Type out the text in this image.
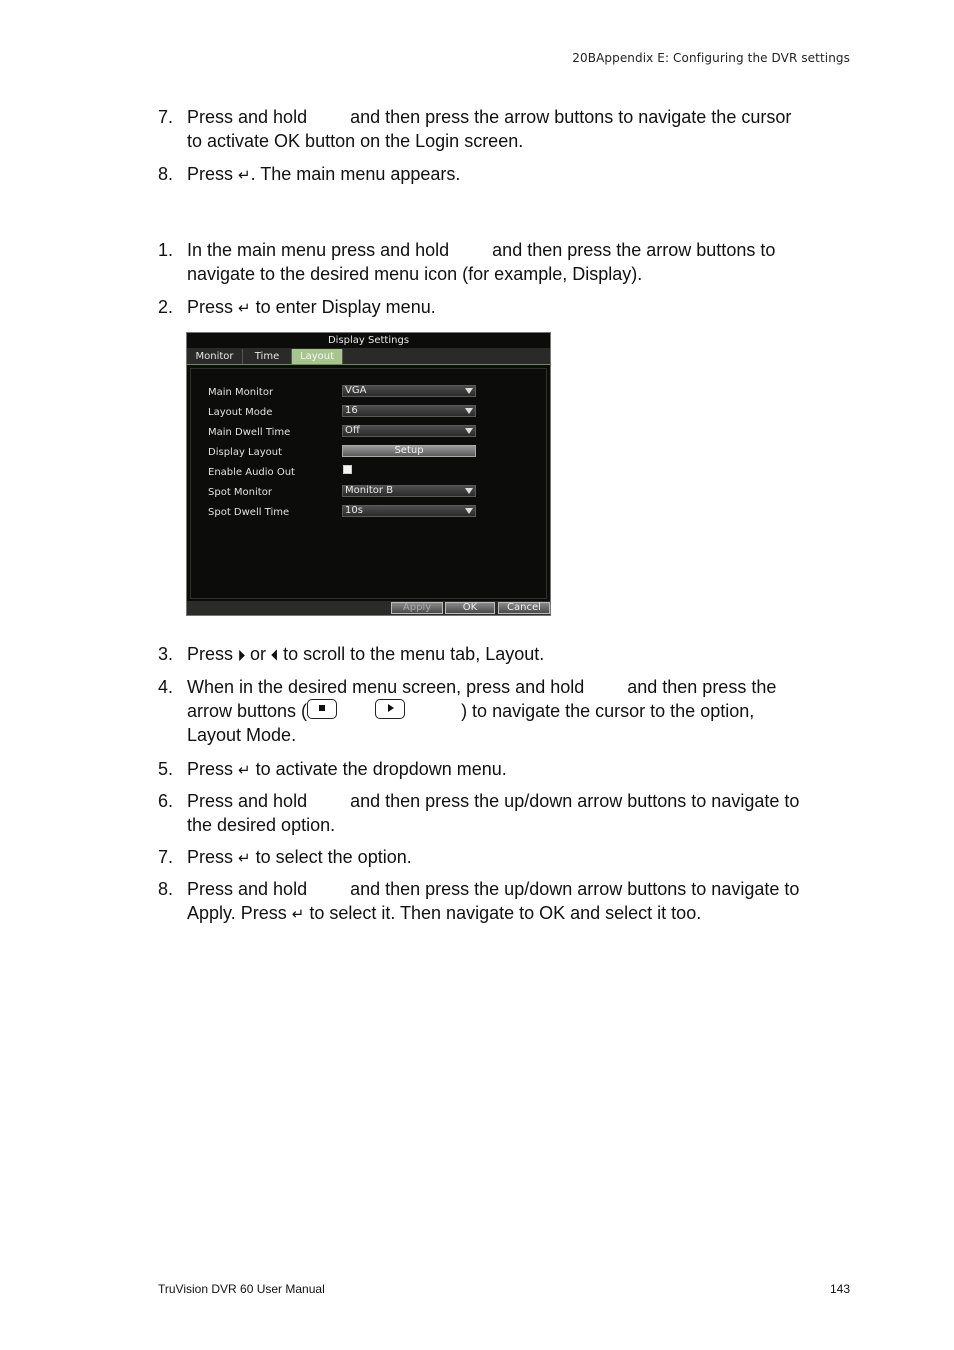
20BAppendix E: Configuring the DVR settings
7. Press and hold and then press the arrow buttons to navigate the cursor
to activate OK button on the Login screen.
8. Press ↵. The main menu appears.
1. In the main menu press and hold and then press the arrow buttons to
navigate to the desired menu icon (for example, Display).
2. Press ↵ to enter Display menu.
Display Settings
Monitor	Time	Layout
Main Monitor	VGA
Layout Mode	16
Main Dwell Time	Off
Display Layout	Setup
Enable Audio Out
Spot Monitor	Monitor B
Spot Dwell Time	10s
Apply	OK	Cancel
3. Press ⏵ or ⏴ to scroll to the menu tab, Layout.
4. When in the desired menu screen, press and hold and then press the
arrow buttons (	) to navigate the cursor to the option,
Layout Mode.
5. Press ↵ to activate the dropdown menu.
6. Press and hold and then press the up/down arrow buttons to navigate to
the desired option.
7. Press ↵ to select the option.
8. Press and hold and then press the up/down arrow buttons to navigate to
Apply. Press ↵ to select it. Then navigate to OK and select it too.
TruVision DVR 60 User Manual	143
